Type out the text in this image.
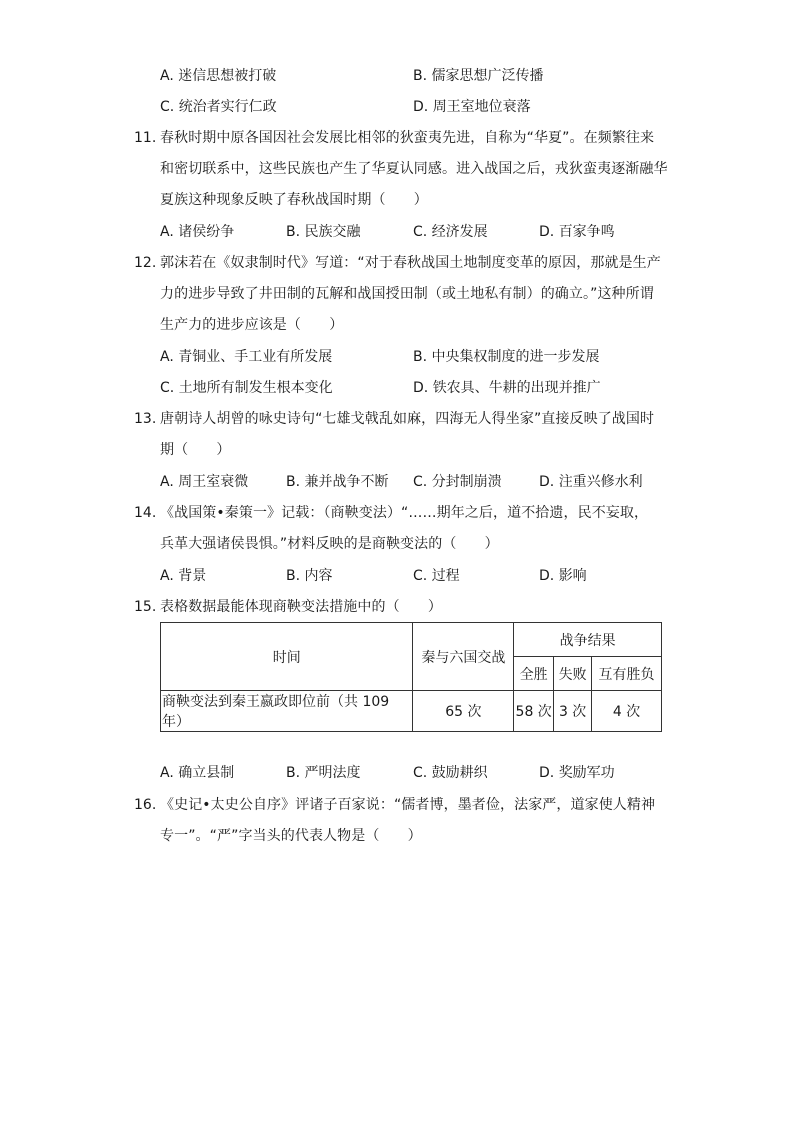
A. 迷信思想被打破	B. 儒家思想广泛传播
C. 统治者实行仁政	D. 周王室地位衰落
11. 春秋时期中原各国因社会发展比相邻的狄蛮夷先进，自称为“华夏”。在频繁往来
和密切联系中，这些民族也产生了华夏认同感。进入战国之后，戎狄蛮夷逐渐融华
夏族这种现象反映了春秋战国时期（　　）
A. 诸侯纷争	B. 民族交融	C. 经济发展	D. 百家争鸣
12. 郭沫若在《奴隶制时代》写道：“对于春秋战国土地制度变革的原因，那就是生产
力的进步导致了井田制的瓦解和战国授田制（或土地私有制）的确立。”这种所谓
生产力的进步应该是（　　）
A. 青铜业、手工业有所发展	B. 中央集权制度的进一步发展
C. 土地所有制发生根本变化	D. 铁农具、牛耕的出现并推广
13. 唐朝诗人胡曾的咏史诗句“七雄戈戟乱如麻，四海无人得坐家”直接反映了战国时
期（　　）
A. 周王室衰微	B. 兼并战争不断 C. 分封制崩溃	D. 注重兴修水利
14. 《战国策•秦策一》记载：（商鞅变法）“……期年之后，道不拾遗，民不妄取，
兵革大强诸侯畏惧。”材料反映的是商鞅变法的（　　）
A. 背景	B. 内容	C. 过程	D. 影响
15. 表格数据最能体现商鞅变法措施中的（　　）
时间	秦与六国交战	战争结果		
		全胜	失败	互有胜负
商鞅变法到秦王嬴政即位前（共 109 年）	65 次	58 次	3 次	4 次
A. 确立县制	B. 严明法度	C. 鼓励耕织	D. 奖励军功
16. 《史记•太史公自序》评诸子百家说：“儒者博，墨者俭，法家严，道家使人精神
专一”。“严”字当头的代表人物是（　　）
